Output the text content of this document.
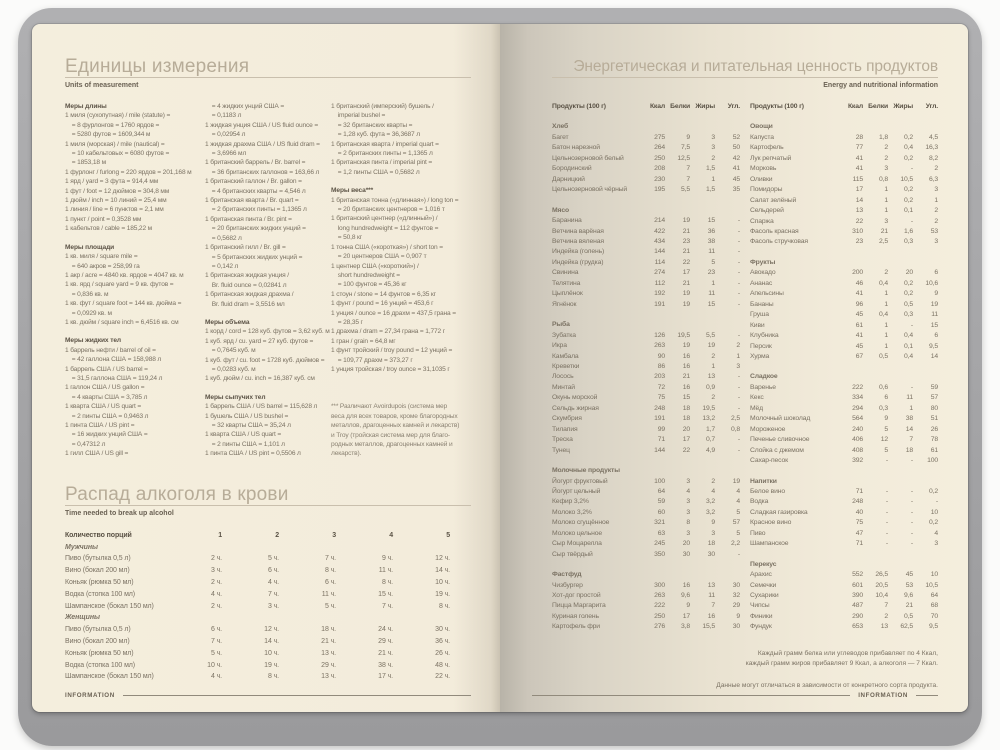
Единицы измерения
Units of measurement
Меры длины
1 миля (сухопутная) / mile (statute) =
= 8 фурлонгов = 1760 ярдов =
= 5280 футов = 1609,344 м
1 миля (морская) / mile (nautical) =
= 10 кабельтовых = 6080 футов =
= 1853,18 м
1 фурлонг / furlong = 220 ярдов = 201,168 м
1 ярд / yard = 3 фута = 914,4 мм
1 фут / foot = 12 дюймов = 304,8 мм
1 дюйм / inch = 10 линий = 25,4 мм
1 линия / line = 6 пунктов = 2,1 мм
1 пункт / point = 0,3528 мм
1 кабельтов / cable = 185,22 м
Меры площади
1 кв. миля / square mile =
= 640 акров = 258,99 га
1 акр / acre = 4840 кв. ярдов = 4047 кв. м
1 кв. ярд / square yard = 9 кв. футов =
= 0,836 кв. м
1 кв. фут / square foot = 144 кв. дюйма =
= 0,0929 кв. м
1 кв. дюйм / square inch = 6,4516 кв. см
Меры жидких тел
1 баррель нефти / barrel of oil =
= 42 галлона США = 158,988 л
1 баррель США / US barrel =
= 31,5 галлона США = 119,24 л
1 галлон США / US gallon =
= 4 кварты США = 3,785 л
1 кварта США / US quart =
= 2 пинты США = 0,9463 л
1 пинта США / US pint =
= 16 жидких унций США =
= 0,47312 л
1 гилл США / US gill =
= 4 жидких унций США =
= 0,1183 л
1 жидкая унция США / US fluid ounce =
= 0,02954 л
1 жидкая драхма США / US fluid dram =
= 3,6966 мл
1 британский баррель / Br. barrel =
= 36 британских галлонов = 163,66 л
1 британский галлон / Br. gallon =
= 4 британских кварты = 4,546 л
1 британская кварта / Br. quart =
= 2 британских пинты = 1,1365 л
1 британская пинта / Br. pint =
= 20 британских жидких унций =
= 0,5682 л
1 британский гилл / Br. gill =
= 5 британских жидких унций =
= 0,142 л
1 британская жидкая унция /
Br. fluid ounce = 0,02841 л
1 британская жидкая драхма /
Br. fluid dram = 3,5516 мл
Меры объема
1 корд / cord = 128 куб. футов = 3,62 куб. м
1 куб. ярд / cu. yard = 27 куб. футов =
= 0,7645 куб. м
1 куб. фут / cu. foot = 1728 куб. дюймов =
= 0,0283 куб. м
1 куб. дюйм / cu. inch = 16,387 куб. см
Меры сыпучих тел
1 баррель США / US barrel = 115,628 л
1 бушель США / US bushel =
= 32 кварты США = 35,24 л
1 кварта США / US quart =
= 2 пинты США = 1,101 л
1 пинта США / US pint = 0,5506 л
1 британский (имперский) бушель /
imperial bushel =
= 32 британских кварты =
= 1,28 куб. фута = 36,3687 л
1 британская кварта / imperial quart =
= 2 британских пинты = 1,1365 л
1 британская пинта / imperial pint =
= 1,2 пинты США = 0,5682 л
Меры веса***
1 британская тонна («длинная») / long ton =
= 20 британских центнеров = 1,016 т
1 британский центнер («длинный») /
long hundredweight = 112 фунтов =
= 50,8 кг
1 тонна США («короткая») / short ton =
= 20 центнеров США = 0,907 т
1 центнер США («короткий») /
short hundredweight =
= 100 фунтов = 45,36 кг
1 стоун / stone = 14 фунтов = 6,35 кг
1 фунт / pound = 16 унций = 453,6 г
1 унция / ounce = 16 драхм = 437,5 грана =
= 28,35 г
1 драхма / dram = 27,34 грана = 1,772 г
1 гран / grain = 64,8 мг
1 фунт тройский / troy pound = 12 унций =
= 109,77 драхм = 373,27 г
1 унция тройская / troy ounce = 31,1035 г
*** Различают Avoirdupois (система мер
веса для всех товаров, кроме благородных
металлов, драгоценных камней и лекарств)
и Troy (тройская система мер для благо-
родных металлов, драгоценных камней и
лекарств).
Распад алкоголя в крови
Time needed to break up alcohol
Количество порций	1	2	3	4	5
Мужчины
Пиво (бутылка 0,5 л)	2 ч.	5 ч.	7 ч.	9 ч.	12 ч.
Вино (бокал 200 мл)	3 ч.	6 ч.	8 ч.	11 ч.	14 ч.
Коньяк (рюмка 50 мл)	2 ч.	4 ч.	6 ч.	8 ч.	10 ч.
Водка (стопка 100 мл)	4 ч.	7 ч.	11 ч.	15 ч.	19 ч.
Шампанское (бокал 150 мл)	2 ч.	3 ч.	5 ч.	7 ч.	8 ч.
Женщины
Пиво (бутылка 0,5 л)	6 ч.	12 ч.	18 ч.	24 ч.	30 ч.
Вино (бокал 200 мл)	7 ч.	14 ч.	21 ч.	29 ч.	36 ч.
Коньяк (рюмка 50 мл)	5 ч.	10 ч.	13 ч.	21 ч.	26 ч.
Водка (стопка 100 мл)	10 ч.	19 ч.	29 ч.	38 ч.	48 ч.
Шампанское (бокал 150 мл)	4 ч.	8 ч.	13 ч.	17 ч.	22 ч.
INFORMATION
Энергетическая и питательная ценность продуктов
Energy and nutritional information
Продукты (100 г)	Ккал Белки Жиры	Угл.
Хлеб
Багет	275	9	3	52
Батон нарезной	264	7,5	3	50
Цельнозерновой белый	250	12,5	2	42
Бородинский	208	7	1,5	41
Дарницкий	230	7	1	45
Цельнозерновой чёрный	195	5,5	1,5	35
Мясо
Баранина	214	19	15	-
Ветчина варёная	422	21	36	-
Ветчина вяленая	434	23	38	-
Индейка (голень)	144	21	11	-
Индейка (грудка)	114	22	5	-
Свинина	274	17	23	-
Телятина	112	21	1	-
Цыплёнок	192	19	11	-
Ягнёнок	191	19	15	-
Рыба
Зубатка	126	19,5	5,5	-
Икра	263	19	19	2
Камбала	90	16	2	1
Креветки	86	16	1	3
Лосось	203	21	13	-
Минтай	72	16	0,9	-
Окунь морской	75	15	2	-
Сельдь жирная	248	18	19,5	-
Скумбрия	191	18	13,2	2,5
Тилапия	99	20	1,7	0,8
Треска	71	17	0,7	-
Тунец	144	22	4,9	-
Молочные продукты
Йогурт фруктовый	100	3	2	19
Йогурт цельный	64	4	4	4
Кефир 3,2%	59	3	3,2	4
Молоко 3,2%	60	3	3,2	5
Молоко сгущённое	321	8	9	57
Молоко цельное	63	3	3	5
Сыр Моцарелла	245	20	18	2,2
Сыр твёрдый	350	30	30	-
Фастфуд
Чизбургер	300	16	13	30
Хот-дог простой	263	9,6	11	32
Пицца Маргарита	222	9	7	29
Куриная голень	250	17	16	9
Картофель фри	276	3,8	15,5	30
Продукты (100 г)	Ккал Белки Жиры	Угл.
Овощи
Капуста	28	1,8	0,2	4,5
Картофель	77	2	0,4	16,3
Лук репчатый	41	2	0,2	8,2
Морковь	41	3	-	2
Оливки	115	0,8	10,5	6,3
Помидоры	17	1	0,2	3
Салат зелёный	14	1	0,2	1
Сельдерей	13	1	0,1	2
Спаржа	22	3	-	2
Фасоль красная	310	21	1,6	53
Фасоль стручковая	23	2,5	0,3	3
Фрукты
Авокадо	200	2	20	6
Ананас	46	0,4	0,2	10,6
Апельсины	41	1	0,2	9
Бананы	96	1	0,5	19
Груша	45	0,4	0,3	11
Киви	61	1	-	15
Клубника	41	1	0,4	6
Персик	45	1	0,1	9,5
Хурма	67	0,5	0,4	14
Сладкое
Варенье	222	0,6	-	59
Кекс	334	6	11	57
Мёд	294	0,3	1	80
Молочный шоколад	564	9	38	51
Мороженое	240	5	14	26
Печенье сливочное	406	12	7	78
Слойка с джемом	408	5	18	61
Сахар-песок	392	-	-	100
Напитки
Белое вино	71	-	-	0,2
Водка	248	-	-	-
Сладкая газировка	40	-	-	10
Красное вино	75	-	-	0,2
Пиво	47	-	-	4
Шампанское	71	-	-	3
Перекус
Арахис	552	26,5	45	10
Семечки	601	20,5	53	10,5
Сухарики	390	10,4	9,6	64
Чипсы	487	7	21	68
Финики	290	2	0,5	70
Фундук	653	13	62,5	9,5
Каждый грамм белка или углеводов прибавляет по 4 Ккал,
каждый грамм жиров прибавляет 9 Ккал, а алкоголя — 7 Ккал.
Данные могут отличаться в зависимости от конкретного сорта продукта.
INFORMATION
